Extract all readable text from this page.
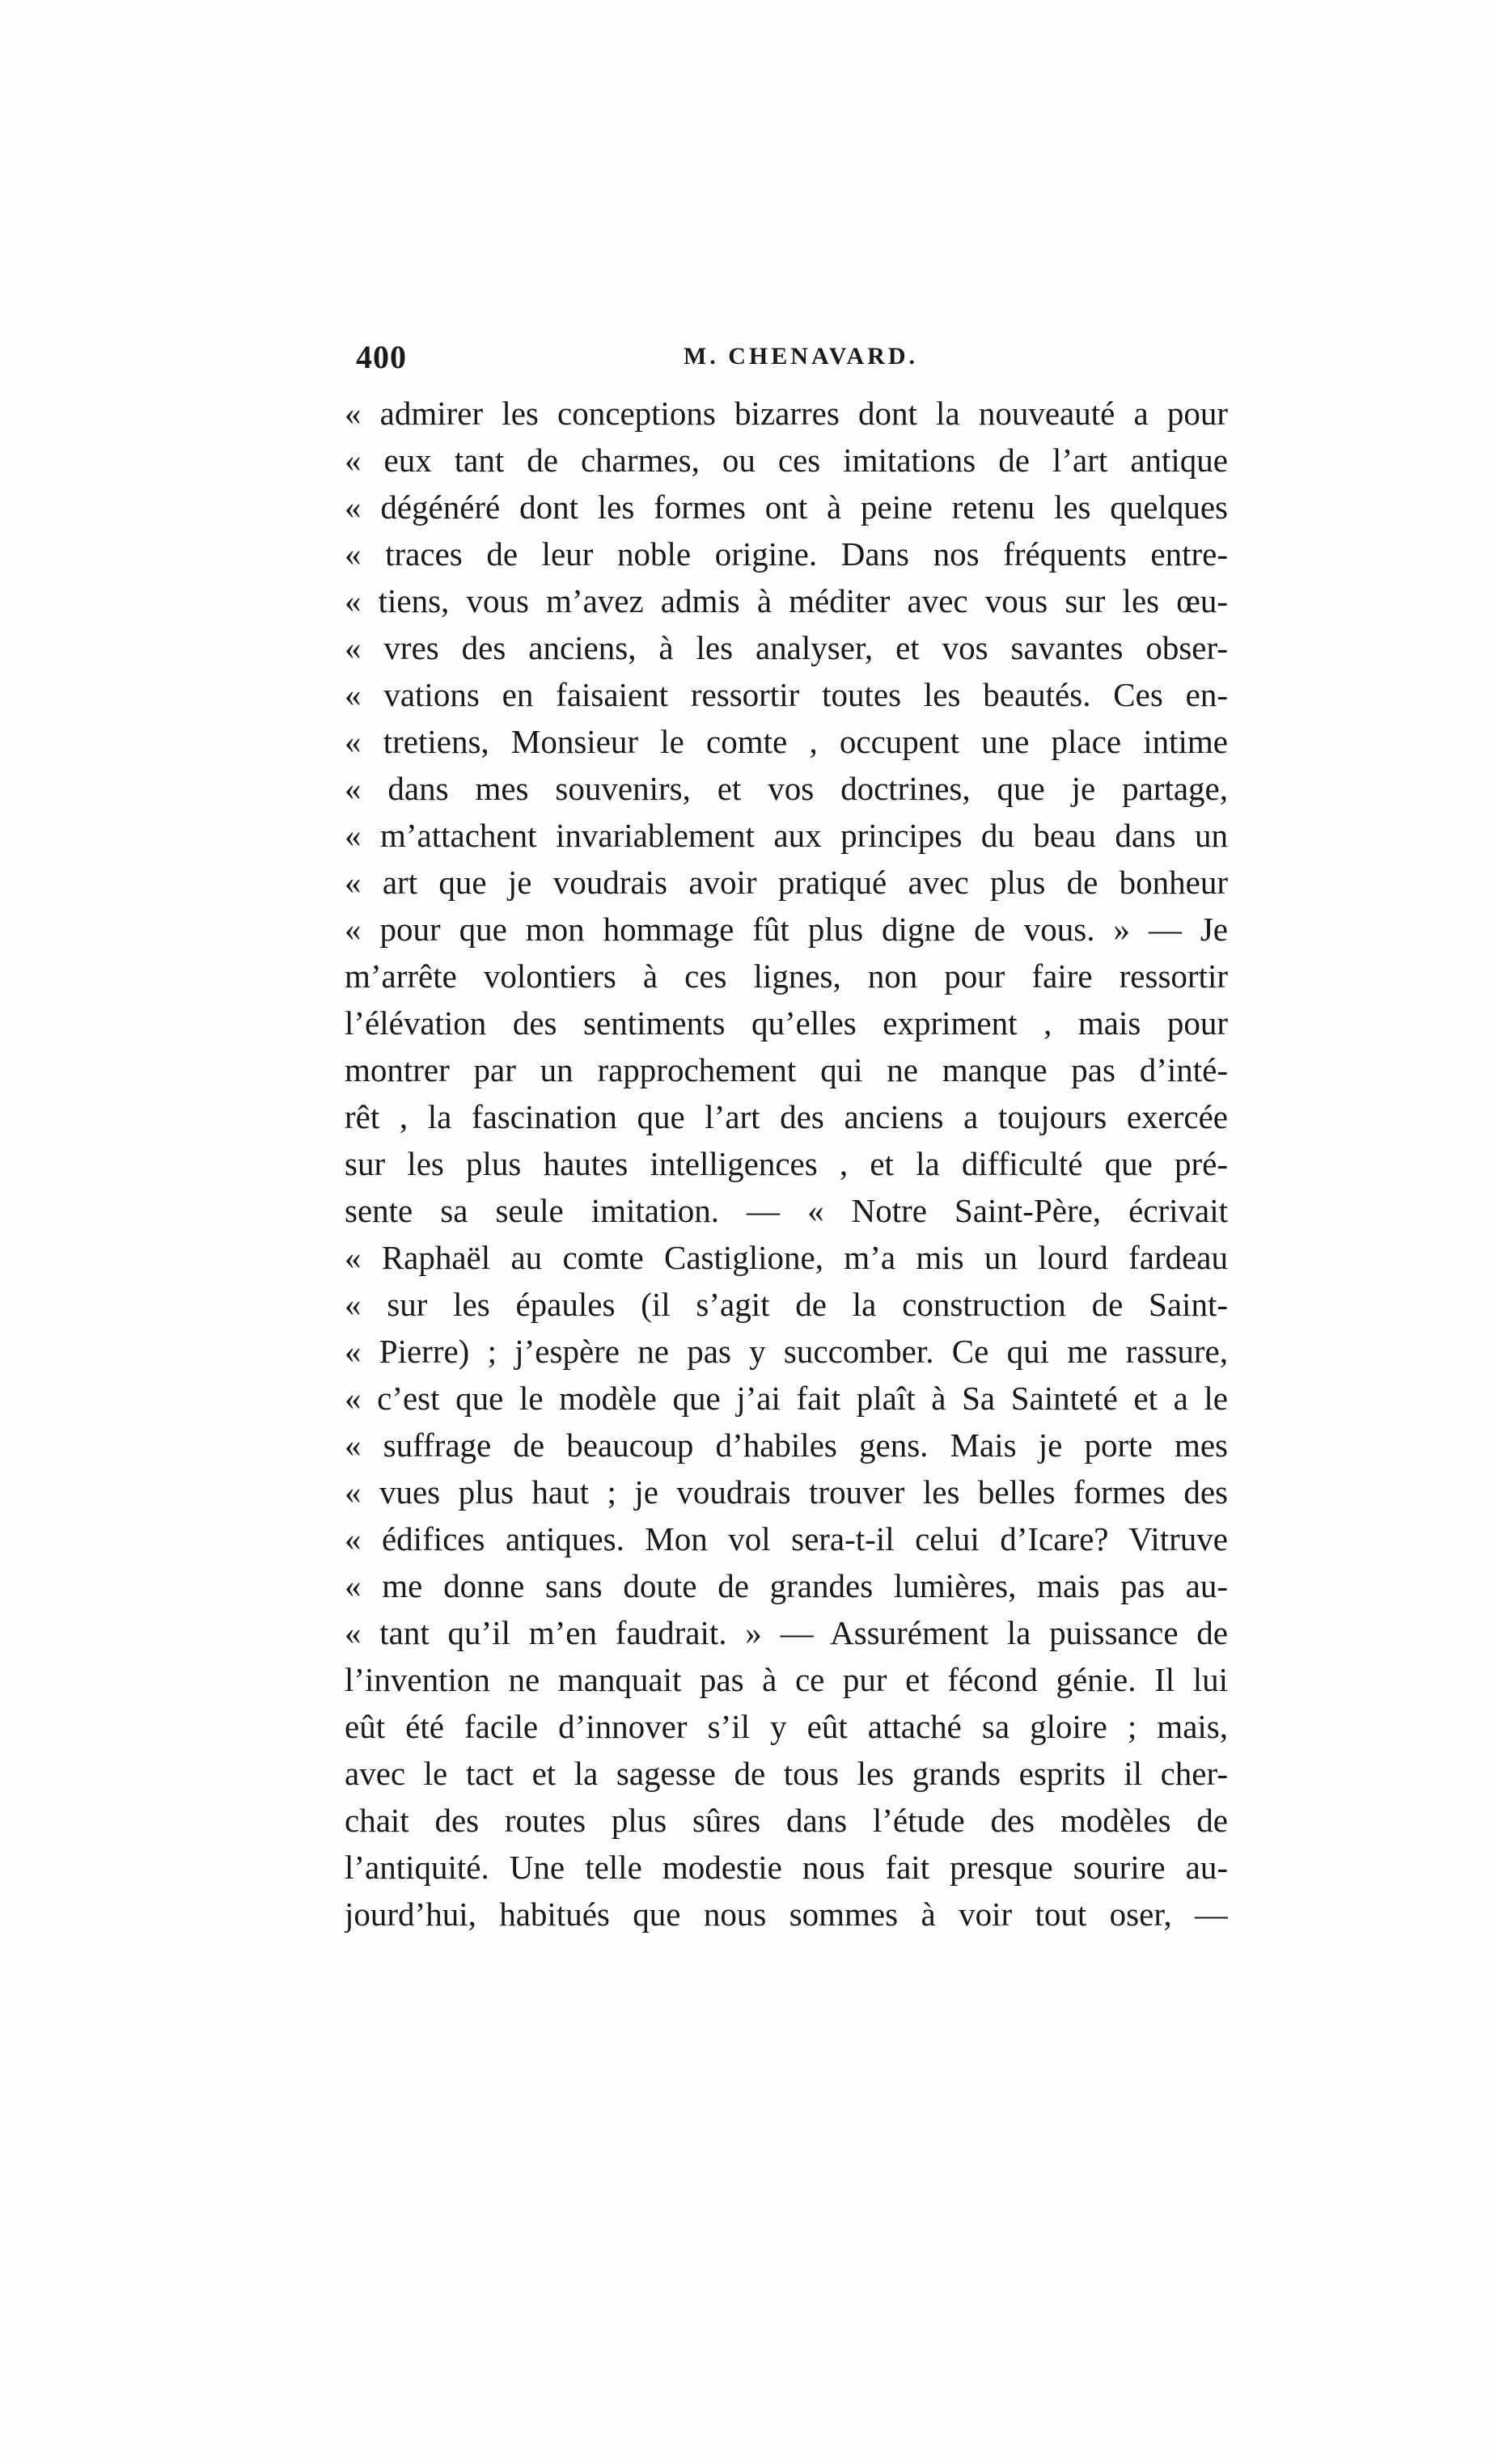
400	M. CHENAVARD.
« admirer les conceptions bizarres dont la nouveauté a pour
« eux tant de charmes, ou ces imitations de l’art antique
« dégénéré dont les formes ont à peine retenu les quelques
« traces de leur noble origine. Dans nos fréquents entre-
« tiens, vous m’avez admis à méditer avec vous sur les œu-
« vres des anciens, à les analyser, et vos savantes obser-
« vations en faisaient ressortir toutes les beautés. Ces en-
« tretiens, Monsieur le comte , occupent une place intime
« dans mes souvenirs, et vos doctrines, que je partage,
« m’attachent invariablement aux principes du beau dans un
« art que je voudrais avoir pratiqué avec plus de bonheur
« pour que mon hommage fût plus digne de vous. » — Je
m’arrête volontiers à ces lignes, non pour faire ressortir
l’élévation des sentiments qu’elles expriment , mais pour
montrer par un rapprochement qui ne manque pas d’inté-
rêt , la fascination que l’art des anciens a toujours exercée
sur les plus hautes intelligences , et la difficulté que pré-
sente sa seule imitation. — « Notre Saint-Père, écrivait
« Raphaël au comte Castiglione, m’a mis un lourd fardeau
« sur les épaules (il s’agit de la construction de Saint-
« Pierre) ; j’espère ne pas y succomber. Ce qui me rassure,
« c’est que le modèle que j’ai fait plaît à Sa Sainteté et a le
« suffrage de beaucoup d’habiles gens. Mais je porte mes
« vues plus haut ; je voudrais trouver les belles formes des
« édifices antiques. Mon vol sera-t-il celui d’Icare? Vitruve
« me donne sans doute de grandes lumières, mais pas au-
« tant qu’il m’en faudrait. » — Assurément la puissance de
l’invention ne manquait pas à ce pur et fécond génie. Il lui
eût été facile d’innover s’il y eût attaché sa gloire ; mais,
avec le tact et la sagesse de tous les grands esprits il cher-
chait des routes plus sûres dans l’étude des modèles de
l’antiquité. Une telle modestie nous fait presque sourire au-
jourd’hui, habitués que nous sommes à voir tout oser, —
